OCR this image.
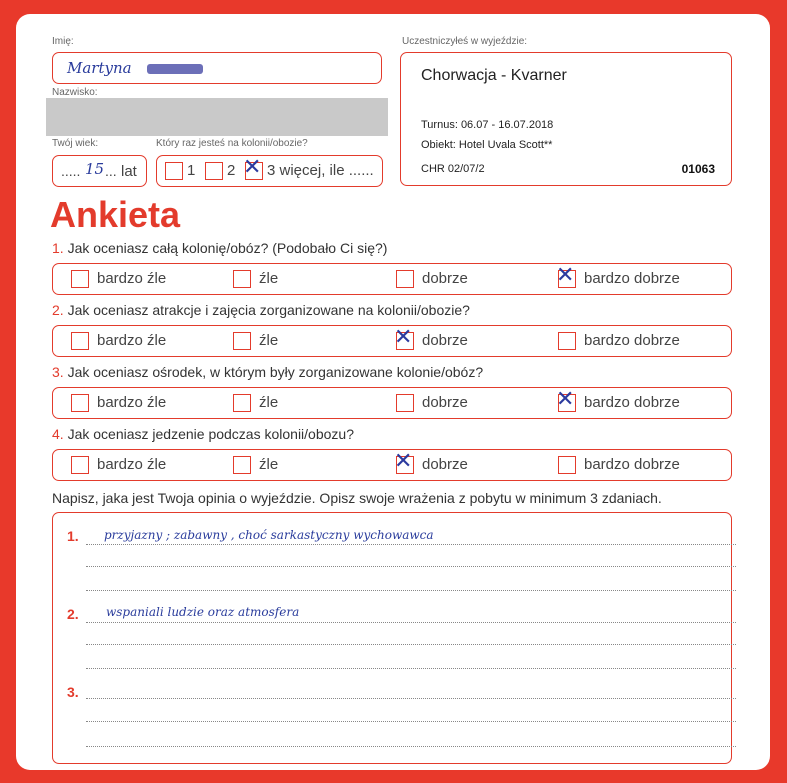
Imię:
Martyna
Nazwisko:
Twój wiek:
..... 15 ... lat
Który raz jesteś na kolonii/obozie?
1 2 ✕ 3 więcej, ile ......
Uczestniczyłeś w wyjeździe:
Chorwacja - Kvarner
Turnus: 06.07 - 16.07.2018
Obiekt: Hotel Uvala Scott**
CHR 02/07/2	01063
Ankieta
1. Jak oceniasz całą kolonię/obóz? (Podobało Ci się?)
bardzo źle	źle	dobrze	✕ bardzo dobrze
2. Jak oceniasz atrakcje i zajęcia zorganizowane na kolonii/obozie?
bardzo źle	źle	✕ dobrze	bardzo dobrze
3. Jak oceniasz ośrodek, w którym były zorganizowane kolonie/obóz?
bardzo źle	źle	dobrze	✕ bardzo dobrze
4. Jak oceniasz jedzenie podczas kolonii/obozu?
bardzo źle	źle	✕ dobrze	bardzo dobrze
Napisz, jaka jest Twoja opinia o wyjeździe. Opisz swoje wrażenia z pobytu w minimum 3 zdaniach.
1. przyjazny ; zabawny , choć sarkastyczny wychowawca
2. wspaniali ludzie oraz atmosfera
3.
